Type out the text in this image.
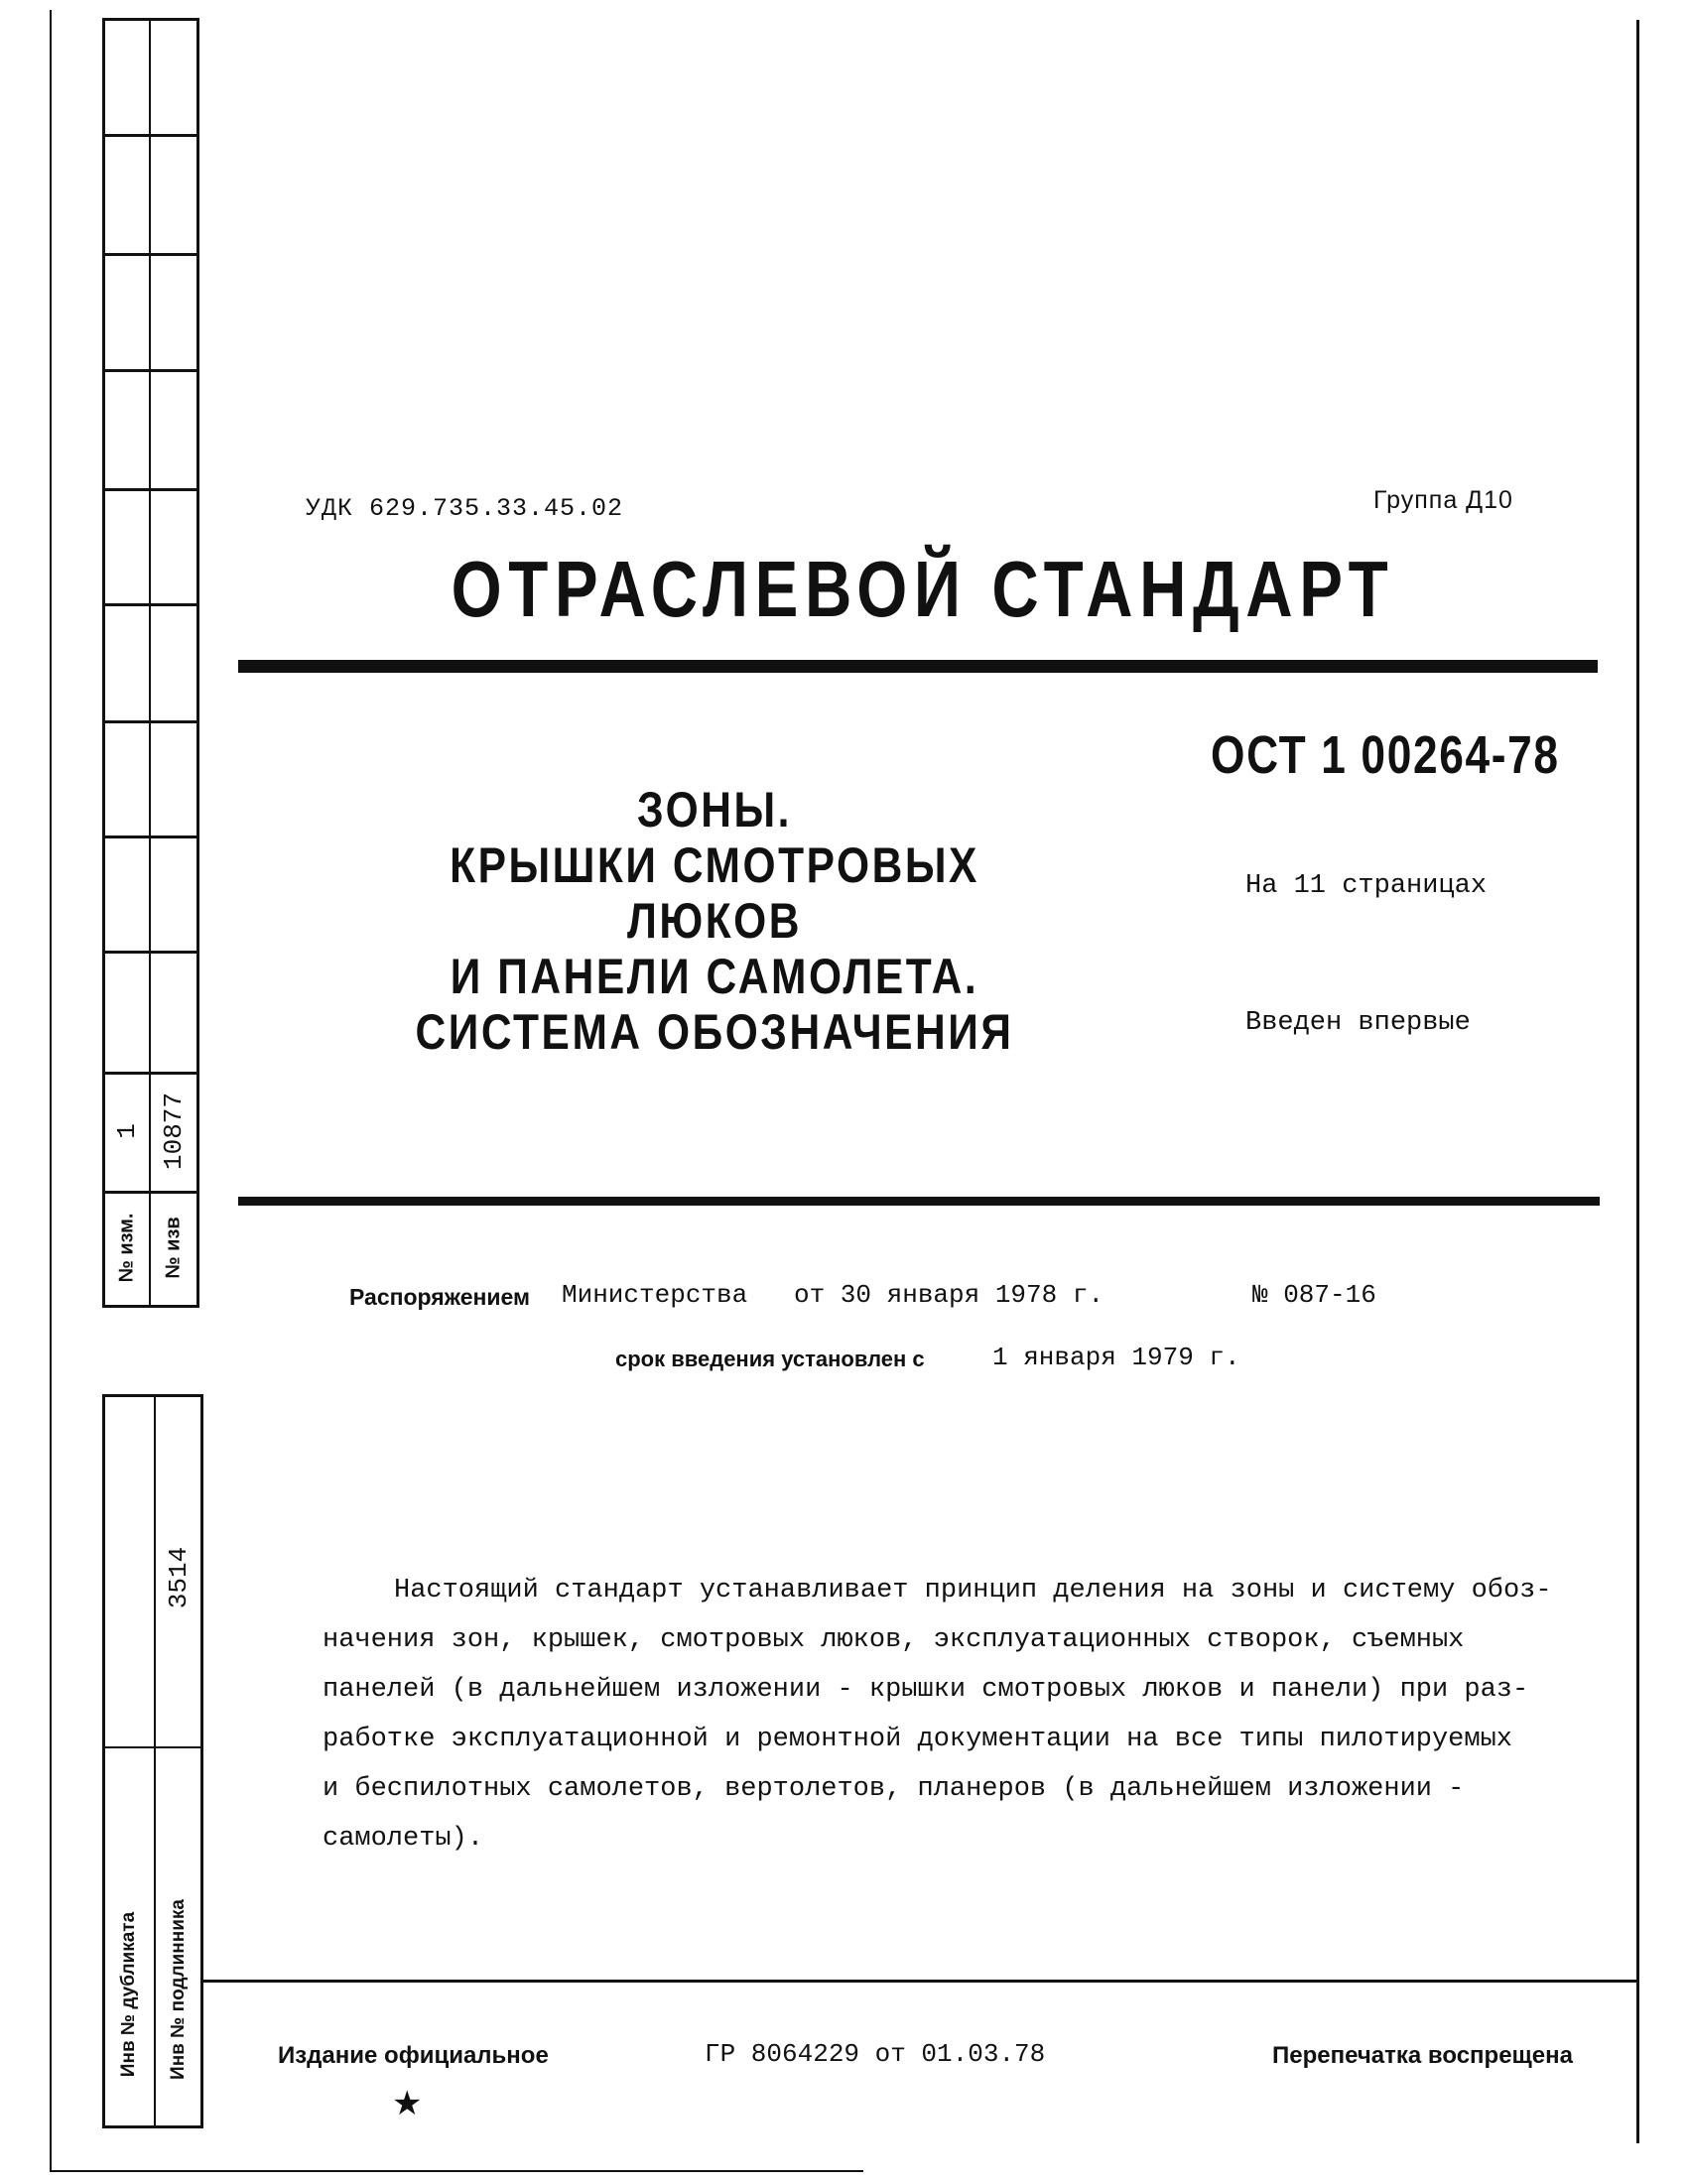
№ изм. № изв
1 10877
3514
Инв № дубликата Инв № подлинника
УДК 629.735.33.45.02	Группа Д10
ОТРАСЛЕВОЙ СТАНДАРТ
ОСТ 1 00264-78
ЗОНЫ.
КРЫШКИ СМОТРОВЫХ ЛЮКОВ
И ПАНЕЛИ САМОЛЕТА.
СИСТЕМА ОБОЗНАЧЕНИЯ
На 11 страницах
Введен впервые
Распоряжением Министерства от 30 января 1978 г.	№ 087-16
срок введения установлен с	1 января 1979 г.
Настоящий стандарт устанавливает принцип деления на зоны и систему обоз-
начения зон, крышек, смотровых люков, эксплуатационных створок, съемных
панелей (в дальнейшем изложении - крышки смотровых люков и панели) при раз-
работке эксплуатационной и ремонтной документации на все типы пилотируемых
и беспилотных самолетов, вертолетов, планеров (в дальнейшем изложении -
самолеты).
Издание официальное	ГР 8064229 от 01.03.78	Перепечатка воспрещена
★
